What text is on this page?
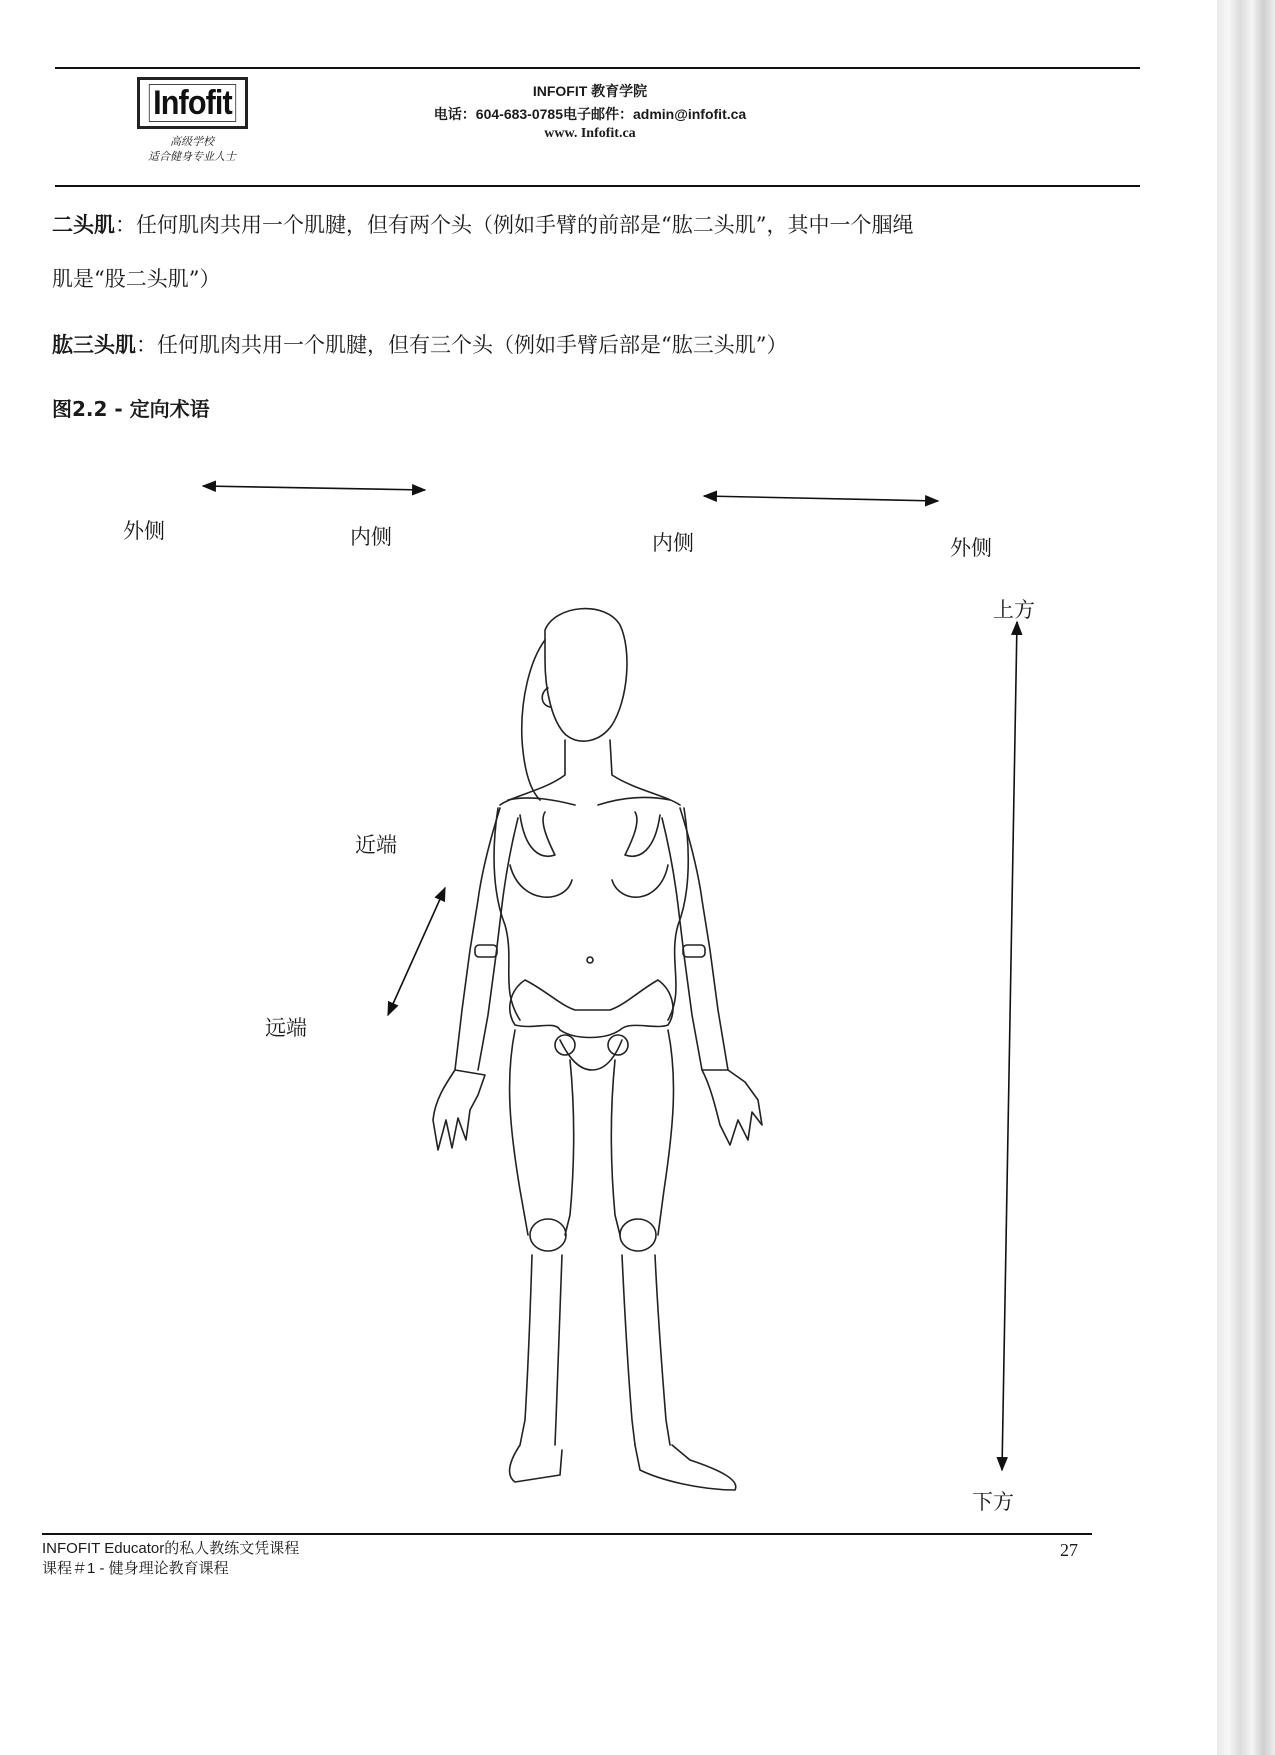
Infofit
高级学校
适合健身专业人士
INFOFIT 教育学院
电话：604-683-0785电子邮件：admin@infofit.ca
www. Infofit.ca
二头肌：任何肌肉共用一个肌腱，但有两个头（例如手臂的前部是“肱二头肌”，其中一个腘绳
肌是“股二头肌”）
肱三头肌：任何肌肉共用一个肌腱，但有三个头（例如手臂后部是“肱三头肌”）
图2.2 - 定向术语
外侧	内侧	内侧	外侧
上方
下方
近端
远端
INFOFIT Educator的私人教练文凭课程
课程＃1 - 健身理论教育课程
27
